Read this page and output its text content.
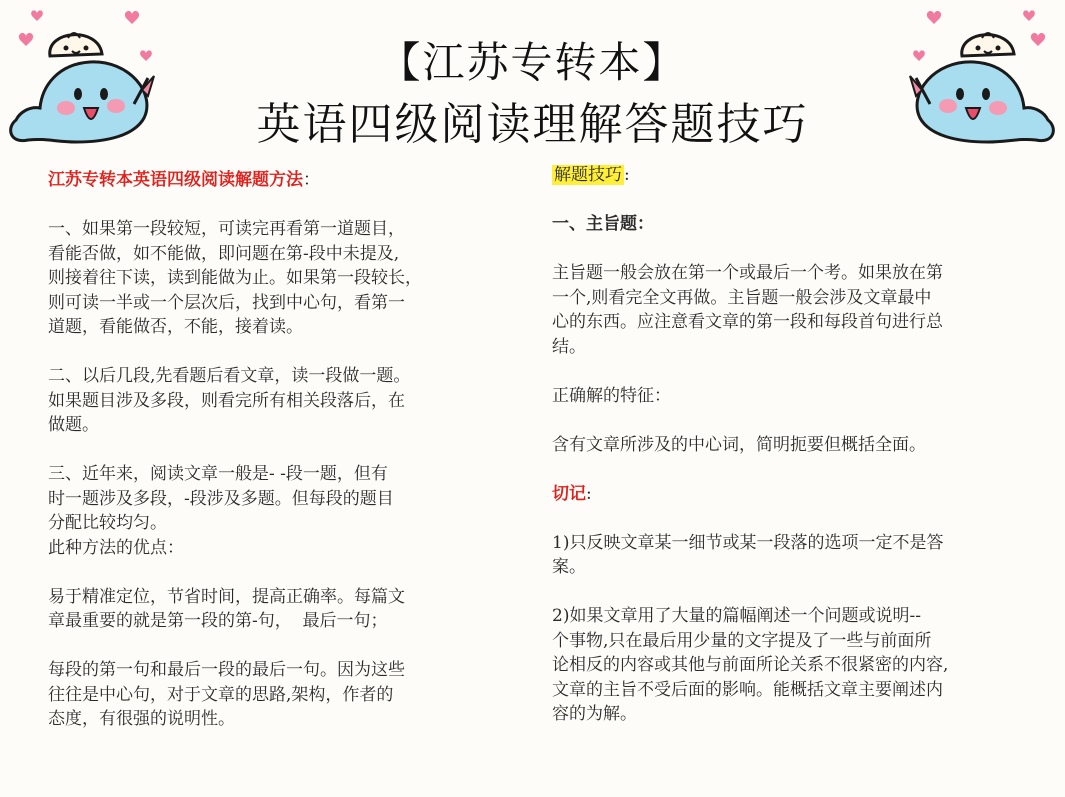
【江苏专转本】
英语四级阅读理解答题技巧

江苏专转本英语四级阅读解题方法：

一、如果第一段较短，可读完再看第一道题目，
看能否做，如不能做，即问题在第-段中未提及,
则接着往下读，读到能做为止。如果第一段较长，
则可读一半或一个层次后，找到中心句，看第一
道题，看能做否，不能，接着读。

二、以后几段,先看题后看文章，读一段做一题。
如果题目涉及多段，则看完所有相关段落后，在
做题。

三、近年来，阅读文章一般是- -段一题，但有
时一题涉及多段，-段涉及多题。但每段的题目
分配比较均匀。
此种方法的优点：

易于精准定位，节省时间，提高正确率。每篇文
章最重要的就是第一段的第-句，  最后一句；

每段的第一句和最后一段的最后一句。因为这些
往往是中心句，对于文章的思路,架构，作者的
态度，有很强的说明性。

解题技巧 :

一、主旨题：

主旨题一般会放在第一个或最后一个考。如果放在第
一个,则看完全文再做。主旨题一般会涉及文章最中
心的东西。应注意看文章的第一段和每段首句进行总
结。

正确解的特征：

含有文章所涉及的中心词，简明扼要但概括全面。

切记:

1)只反映文章某一细节或某一段落的选项一定不是答
案。

2)如果文章用了大量的篇幅阐述一个问题或说明--
个事物,只在最后用少量的文字提及了一些与前面所
论相反的内容或其他与前面所论关系不很紧密的内容,
文章的主旨不受后面的影响。能概括文章主要阐述内
容的为解。
